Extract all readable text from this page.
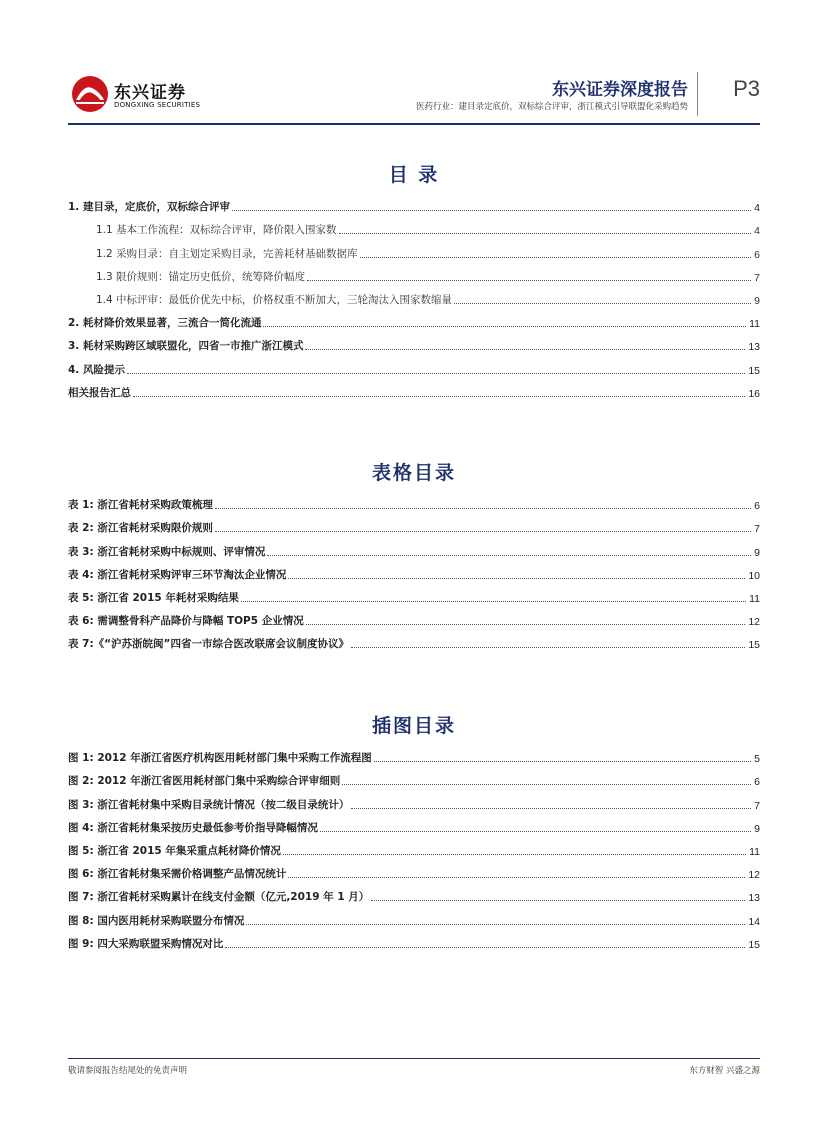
东兴证券
DONGXING SECURITIES
东兴证券深度报告
医药行业：建目录定底价，双标综合评审，浙江模式引导联盟化采购趋势
P3
目 录
1. 建目录，定底价，双标综合评审	4
1.1 基本工作流程：双标综合评审，降价限入围家数	4
1.2 采购目录：自主划定采购目录，完善耗材基础数据库	6
1.3 限价规则：锚定历史低价，统筹降价幅度	7
1.4 中标评审：最低价优先中标，价格权重不断加大，三轮淘汰入围家数缩量	9
2. 耗材降价效果显著，三流合一简化流通	11
3. 耗材采购跨区域联盟化，四省一市推广浙江模式	13
4. 风险提示	15
相关报告汇总	16
表格目录
表 1: 浙江省耗材采购政策梳理	6
表 2: 浙江省耗材采购限价规则	7
表 3: 浙江省耗材采购中标规则、评审情况	9
表 4: 浙江省耗材采购评审三环节淘汰企业情况	10
表 5: 浙江省 2015 年耗材采购结果	11
表 6: 需调整骨科产品降价与降幅 TOP5 企业情况	12
表 7:《“沪苏浙皖闽”四省一市综合医改联席会议制度协议》	15
插图目录
图 1: 2012 年浙江省医疗机构医用耗材部门集中采购工作流程图	5
图 2: 2012 年浙江省医用耗材部门集中采购综合评审细则	6
图 3: 浙江省耗材集中采购目录统计情况（按二级目录统计）	7
图 4: 浙江省耗材集采按历史最低参考价指导降幅情况	9
图 5: 浙江省 2015 年集采重点耗材降价情况	11
图 6: 浙江省耗材集采需价格调整产品情况统计	12
图 7: 浙江省耗材采购累计在线支付金额（亿元,2019 年 1 月）	13
图 8: 国内医用耗材采购联盟分布情况	14
图 9: 四大采购联盟采购情况对比	15
敬请参阅报告结尾处的免责声明	东方财智 兴盛之源
